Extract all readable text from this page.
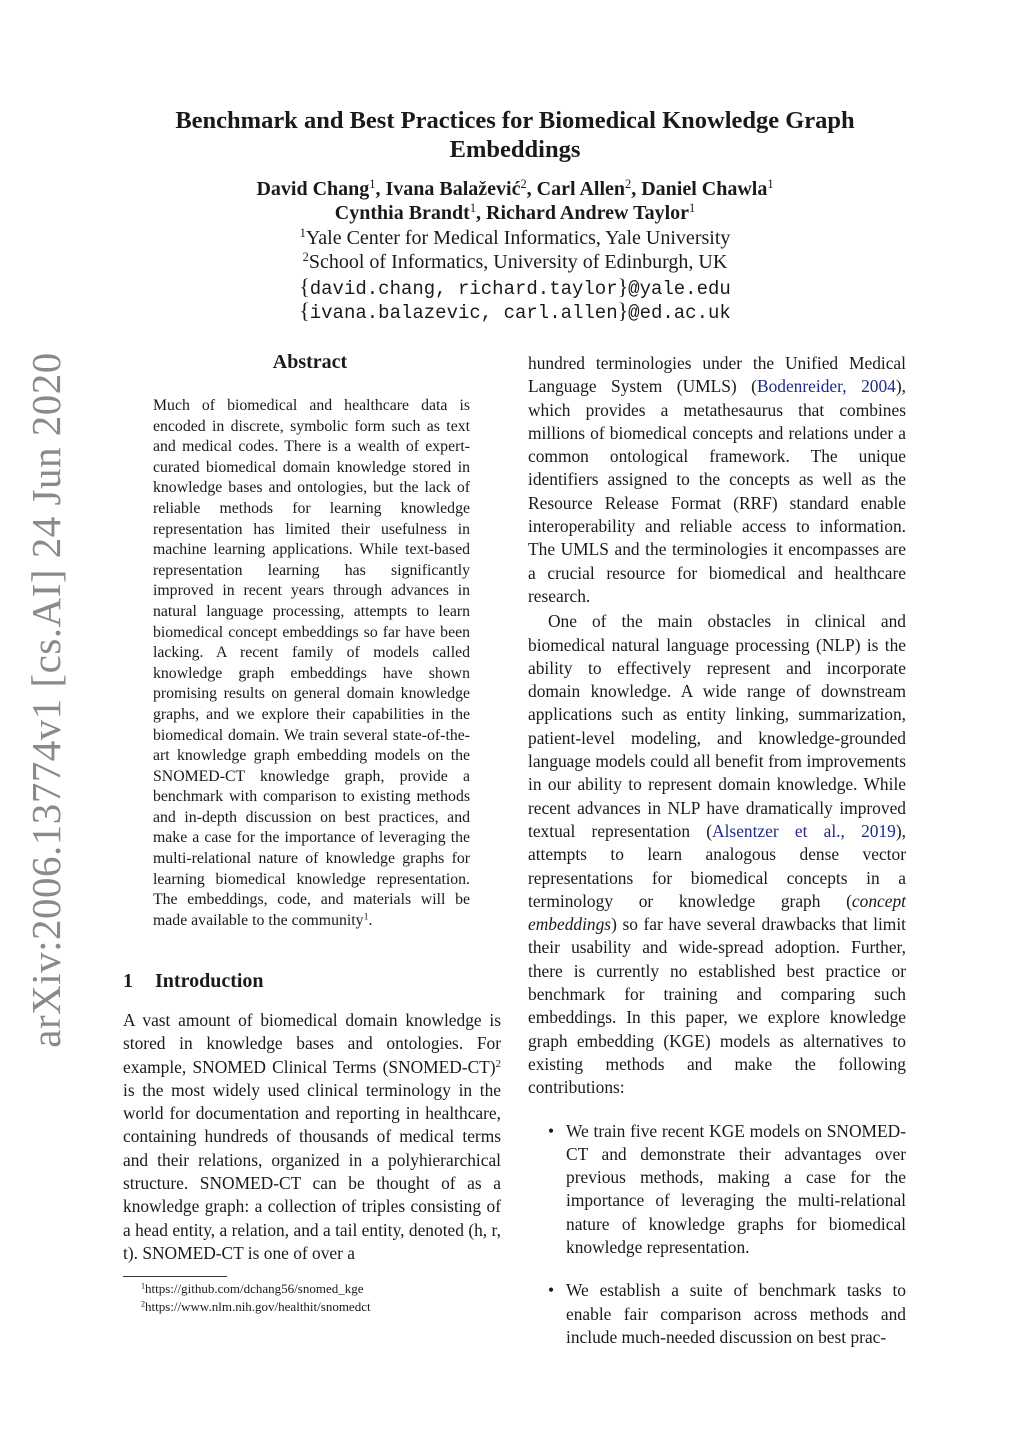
arXiv:2006.13774v1 [cs.AI] 24 Jun 2020
Benchmark and Best Practices for Biomedical Knowledge Graph
Embeddings
David Chang$^1$, Ivana Balažević$^2$, Carl Allen$^2$, Daniel Chawla$^1$
Cynthia Brandt$^1$, Richard Andrew Taylor$^1$
$^1$Yale Center for Medical Informatics, Yale University
$^2$School of Informatics, University of Edinburgh, UK
{david.chang, richard.taylor}@yale.edu
{ivana.balazevic, carl.allen}@ed.ac.uk
Abstract
Much of biomedical and healthcare data is encoded in discrete, symbolic form such as text and medical codes. There is a wealth of expert-curated biomedical domain knowledge stored in knowledge bases and ontologies, but the lack of reliable methods for learning knowledge representation has limited their usefulness in machine learning applications. While text-based representation learning has significantly improved in recent years through advances in natural language processing, attempts to learn biomedical concept embeddings so far have been lacking. A recent family of models called knowledge graph embeddings have shown promising results on general domain knowledge graphs, and we explore their capabilities in the biomedical domain. We train several state-of-the-art knowledge graph embedding models on the SNOMED-CT knowledge graph, provide a benchmark with comparison to existing methods and in-depth discussion on best practices, and make a case for the importance of leveraging the multi-relational nature of knowledge graphs for learning biomedical knowledge representation. The embeddings, code, and materials will be made available to the community$^1$.
1 Introduction

A vast amount of biomedical domain knowledge is stored in knowledge bases and ontologies. For example, SNOMED Clinical Terms (SNOMED-CT)$^2$ is the most widely used clinical terminology in the world for documentation and reporting in healthcare, containing hundreds of thousands of medical terms and their relations, organized in a polyhierarchical structure. SNOMED-CT can be thought of as a knowledge graph: a collection of triples consisting of a head entity, a relation, and a tail entity, denoted (h, r, t). SNOMED-CT is one of over a

$^1$https://github.com/dchang56/snomed_kge
$^2$https://www.nlm.nih.gov/healthit/snomedct

hundred terminologies under the Unified Medical Language System (UMLS) (Bodenreider, 2004), which provides a metathesaurus that combines millions of biomedical concepts and relations under a common ontological framework. The unique identifiers assigned to the concepts as well as the Resource Release Format (RRF) standard enable interoperability and reliable access to information. The UMLS and the terminologies it encompasses are a crucial resource for biomedical and healthcare research.

One of the main obstacles in clinical and biomedical natural language processing (NLP) is the ability to effectively represent and incorporate domain knowledge. A wide range of downstream applications such as entity linking, summarization, patient-level modeling, and knowledge-grounded language models could all benefit from improvements in our ability to represent domain knowledge. While recent advances in NLP have dramatically improved textual representation (Alsentzer et al., 2019), attempts to learn analogous dense vector representations for biomedical concepts in a terminology or knowledge graph (concept embeddings) so far have several drawbacks that limit their usability and wide-spread adoption. Further, there is currently no established best practice or benchmark for training and comparing such embeddings. In this paper, we explore knowledge graph embedding (KGE) models as alternatives to existing methods and make the following contributions:

• We train five recent KGE models on SNOMED-CT and demonstrate their advantages over previous methods, making a case for the importance of leveraging the multi-relational nature of knowledge graphs for biomedical knowledge representation.
• We establish a suite of benchmark tasks to enable fair comparison across methods and include much-needed discussion on best prac-
